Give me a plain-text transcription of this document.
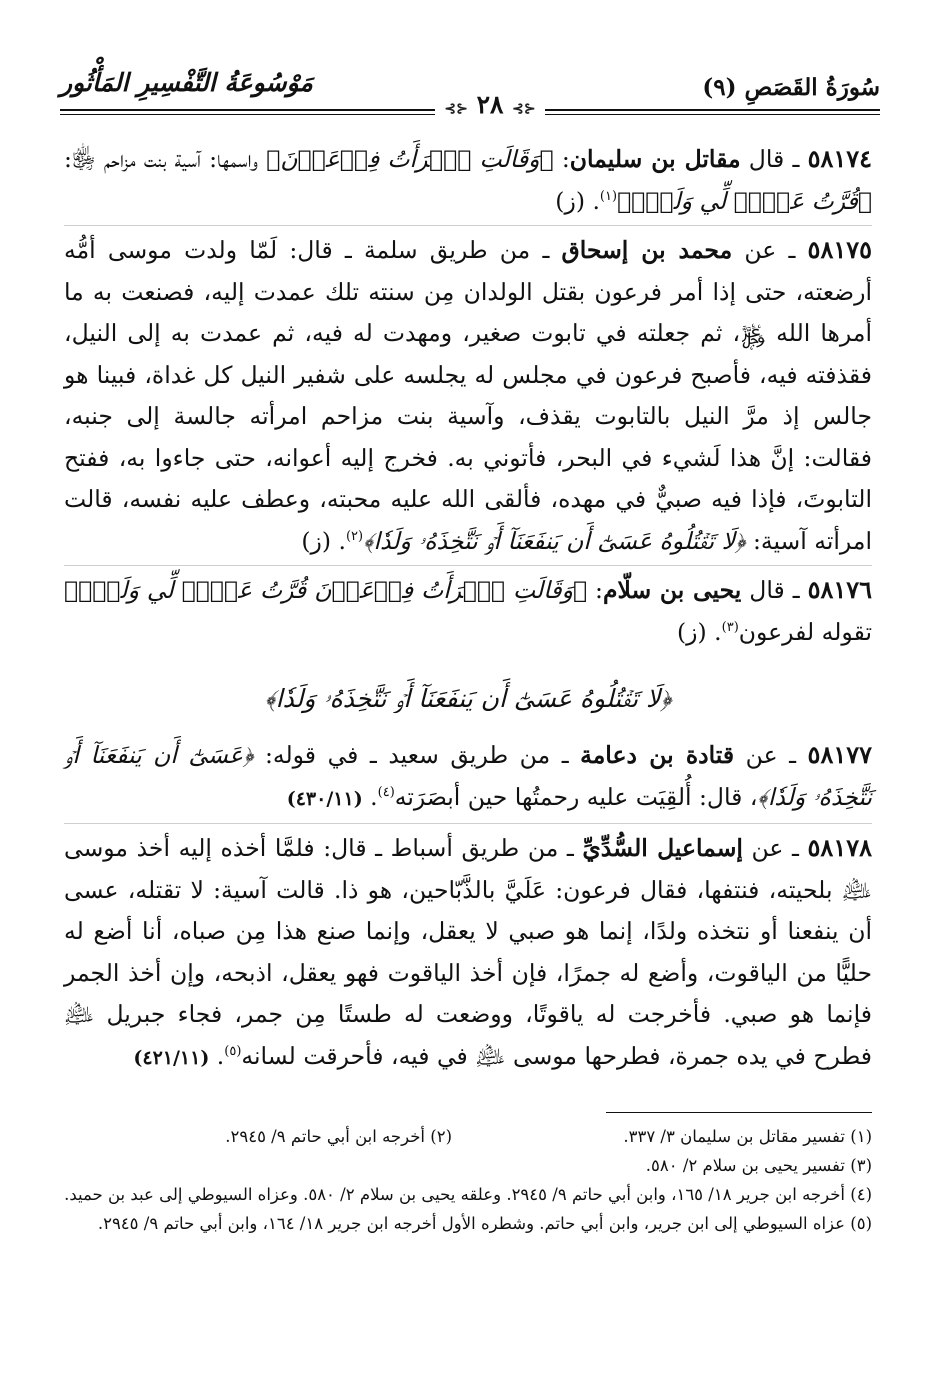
سُورَةُ القَصَصِ (٩)
مَوْسُوعَةُ التَّفْسِيرِ المَأْثُور
⊰⊱ ٢٨ ⊰⊱

٥٨١٧٤ ـ قال مقاتل بن سليمان: ﴿وَقَالَتِ ٱمۡرَأَتُ فِرۡعَوۡنَ﴾ واسمها: آسية بنت مزاحم ﵂: ﴿قُرَّتُ عَيۡنٖ لِّي وَلَكَۖ﴾$^{(١)}$. (ز)

٥٨١٧٥ ـ عن محمد بن إسحاق ـ من طريق سلمة ـ قال: لَمّا ولدت موسى أمُّه أرضعته، حتى إذا أمر فرعون بقتل الولدان مِن سنته تلك عمدت إليه، فصنعت به ما أمرها الله ﷿، ثم جعلته في تابوت صغير، ومهدت له فيه، ثم عمدت به إلى النيل، فقذفته فيه، فأصبح فرعون في مجلس له يجلسه على شفير النيل كل غداة، فبينا هو جالس إذ مرَّ النيل بالتابوت يقذف، وآسية بنت مزاحم امرأته جالسة إلى جنبه، فقالت: إنَّ هذا لَشيء في البحر، فأتوني به. فخرج إليه أعوانه، حتى جاءوا به، ففتح التابوتَ، فإذا فيه صبيٌّ في مهده، فألقى الله عليه محبته، وعطف عليه نفسه، قالت امرأته آسية: ﴿لَا تَقۡتُلُوهُ عَسَىٰٓ أَن يَنفَعَنَآ أَوۡ نَتَّخِذَهُۥ وَلَدٗا﴾$^{(٢)}$. (ز)

٥٨١٧٦ ـ قال يحيى بن سلّام: ﴿وَقَالَتِ ٱمۡرَأَتُ فِرۡعَوۡنَ قُرَّتُ عَيۡنٖ لِّي وَلَكَۖ﴾ تقوله لفرعون$^{(٣)}$. (ز)

﴿لَا تَقۡتُلُوهُ عَسَىٰٓ أَن يَنفَعَنَآ أَوۡ نَتَّخِذَهُۥ وَلَدٗا﴾

٥٨١٧٧ ـ عن قتادة بن دعامة ـ من طريق سعيد ـ في قوله: ﴿عَسَىٰٓ أَن يَنفَعَنَآ أَوۡ نَتَّخِذَهُۥ وَلَدٗا﴾، قال: أُلقِيَت عليه رحمتُها حين أبصَرَته$^{(٤)}$. (٤٣٠/١١)

٥٨١٧٨ ـ عن إسماعيل السُّدِّيِّ ـ من طريق أسباط ـ قال: فلمَّا أخذه إليه أخذ موسى ﵇ بلحيته، فنتفها، فقال فرعون: عَلَيَّ بالذَّبّاحين، هو ذا. قالت آسية: لا تقتله، عسى أن ينفعنا أو نتخذه ولدًا، إنما هو صبي لا يعقل، وإنما صنع هذا مِن صباه، أنا أضع له حليًّا من الياقوت، وأضع له جمرًا، فإن أخذ الياقوت فهو يعقل، اذبحه، وإن أخذ الجمر فإنما هو صبي. فأخرجت له ياقوتًا، ووضعت له طستًا مِن جمر، فجاء جبريل ﵇ فطرح في يده جمرة، فطرحها موسى ﵇ في فيه، فأحرقت لسانه$^{(٥)}$. (٤٢١/١١)

(١) تفسير مقاتل بن سليمان ٣/ ٣٣٧.
(٢) أخرجه ابن أبي حاتم ٩/ ٢٩٤٥.
(٣) تفسير يحيى بن سلام ٢/ ٥٨٠.
(٤) أخرجه ابن جرير ١٨/ ١٦٥، وابن أبي حاتم ٩/ ٢٩٤٥. وعلقه يحيى بن سلام ٢/ ٥٨٠. وعزاه السيوطي إلى عبد بن حميد.
(٥) عزاه السيوطي إلى ابن جرير، وابن أبي حاتم. وشطره الأول أخرجه ابن جرير ١٨/ ١٦٤، وابن أبي حاتم ٩/ ٢٩٤٥.
